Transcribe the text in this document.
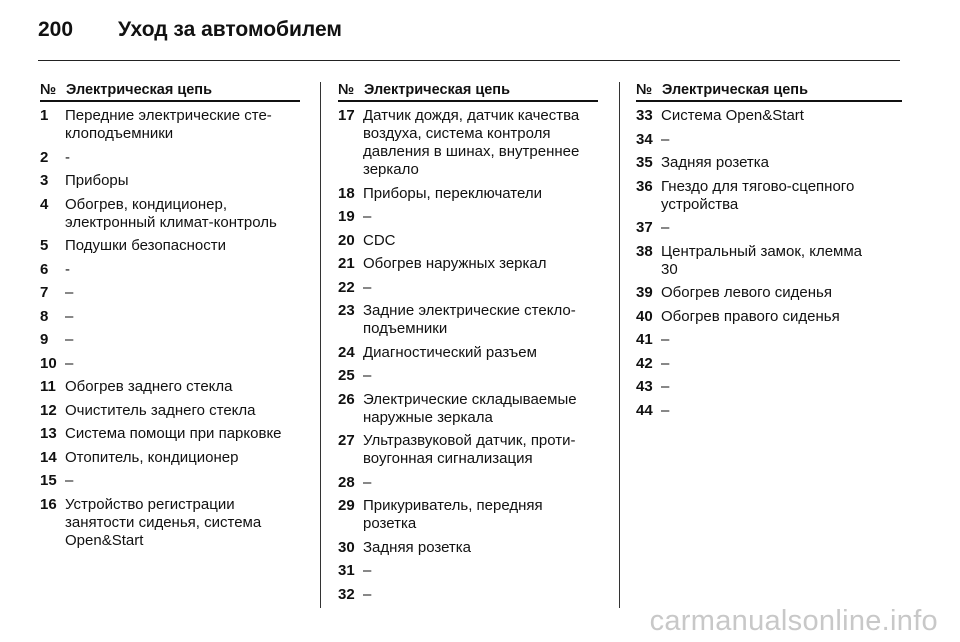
200	Уход за автомобилем
№ Электрическая цепь
1	Передние электрические сте-
клоподъемники
2	-
3	Приборы
4	Обогрев, кондиционер,
электронный климат-контроль
5	Подушки безопасности
6	-
7	–
8	–
9	–
10 –
11 Обогрев заднего стекла
12 Очиститель заднего стекла
13 Система помощи при парковке
14 Отопитель, кондиционер
15 –
16 Устройство регистрации
занятости сиденья, система
Open&Start
№ Электрическая цепь
17 Датчик дождя, датчик качества
воздуха, система контроля
давления в шинах, внутреннее
зеркало
18 Приборы, переключатели
19 –
20 CDC
21 Обогрев наружных зеркал
22 –
23 Задние электрические стекло-
подъемники
24 Диагностический разъем
25 –
26 Электрические складываемые
наружные зеркала
27 Ультразвуковой датчик, проти-
воугонная сигнализация
28 –
29 Прикуриватель, передняя
розетка
30 Задняя розетка
31 –
32 –
№ Электрическая цепь
33 Система Open&Start
34 –
35 Задняя розетка
36 Гнездо для тягово-сцепного
устройства
37 –
38 Центральный замок, клемма
30
39 Обогрев левого сиденья
40 Обогрев правого сиденья
41 –
42 –
43 –
44 –
carmanualsonline.info
